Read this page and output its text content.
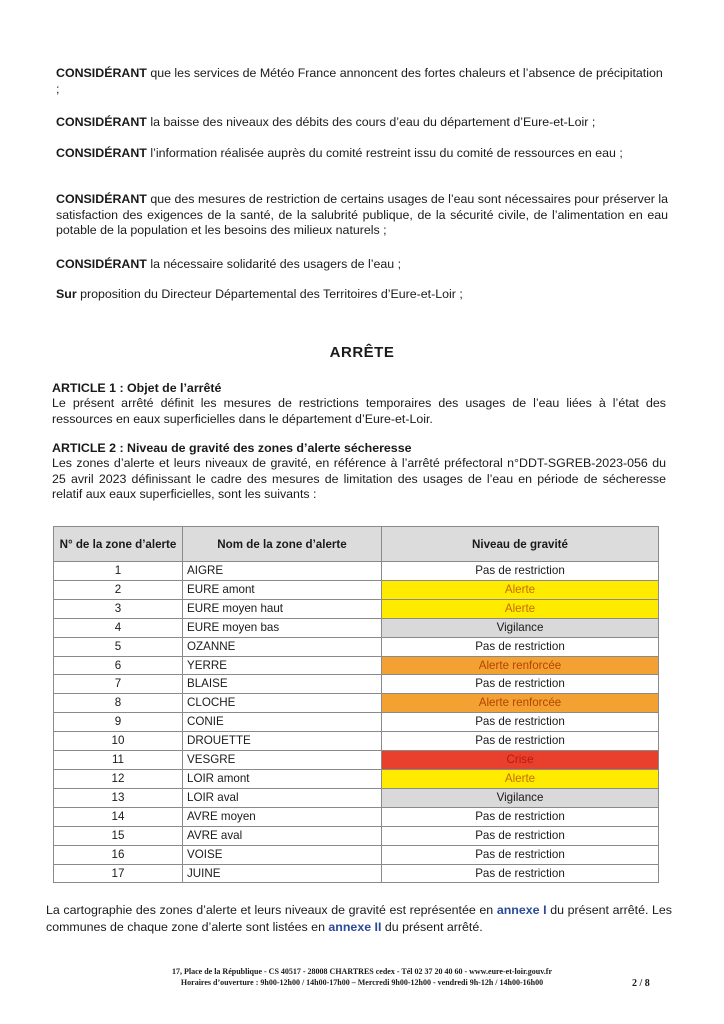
CONSIDÉRANT que les services de Météo France annoncent des fortes chaleurs et l’absence de précipitation ;

CONSIDÉRANT la baisse des niveaux des débits des cours d’eau du département d’Eure-et-Loir ;

CONSIDÉRANT l’information réalisée auprès du comité restreint issu du comité de ressources en eau ;

CONSIDÉRANT que des mesures de restriction de certains usages de l’eau sont nécessaires pour préserver la satisfaction des exigences de la santé, de la salubrité publique, de la sécurité civile, de l’alimentation en eau potable de la population et les besoins des milieux naturels ;

CONSIDÉRANT la nécessaire solidarité des usagers de l’eau ;

Sur proposition du Directeur Départemental des Territoires d’Eure-et-Loir ;

ARRÊTE

ARTICLE 1 : Objet de l’arrêté

Le présent arrêté définit les mesures de restrictions temporaires des usages de l’eau liées à l’état des ressources en eaux superficielles dans le département d’Eure-et-Loir.

ARTICLE 2 : Niveau de gravité des zones d’alerte sécheresse

Les zones d’alerte et leurs niveaux de gravité, en référence à l’arrêté préfectoral n°DDT-SGREB-2023-056 du 25 avril 2023 définissant le cadre des mesures de limitation des usages de l’eau en période de sécheresse relatif aux eaux superficielles, sont les suivants :

N° de la zone d’alerte	Nom de la zone d’alerte	Niveau de gravité
1	AIGRE	Pas de restriction
2	EURE amont	Alerte
3	EURE moyen haut	Alerte
4	EURE moyen bas	Vigilance
5	OZANNE	Pas de restriction
6	YERRE	Alerte renforcée
7	BLAISE	Pas de restriction
8	CLOCHE	Alerte renforcée
9	CONIE	Pas de restriction
10	DROUETTE	Pas de restriction
11	VESGRE	Crise
12	LOIR amont	Alerte
13	LOIR aval	Vigilance
14	AVRE moyen	Pas de restriction
15	AVRE aval	Pas de restriction
16	VOISE	Pas de restriction
17	JUINE	Pas de restriction

La cartographie des zones d’alerte et leurs niveaux de gravité est représentée en annexe I du présent arrêté. Les communes de chaque zone d’alerte sont listées en annexe II du présent arrêté.

17, Place de la République - CS 40517 - 28008 CHARTRES cedex - Tél 02 37 20 40 60 - www.eure-et-loir.gouv.fr
Horaires d’ouverture : 9h00-12h00 / 14h00-17h00 – Mercredi 9h00-12h00 - vendredi 9h-12h / 14h00-16h00	2 / 8
